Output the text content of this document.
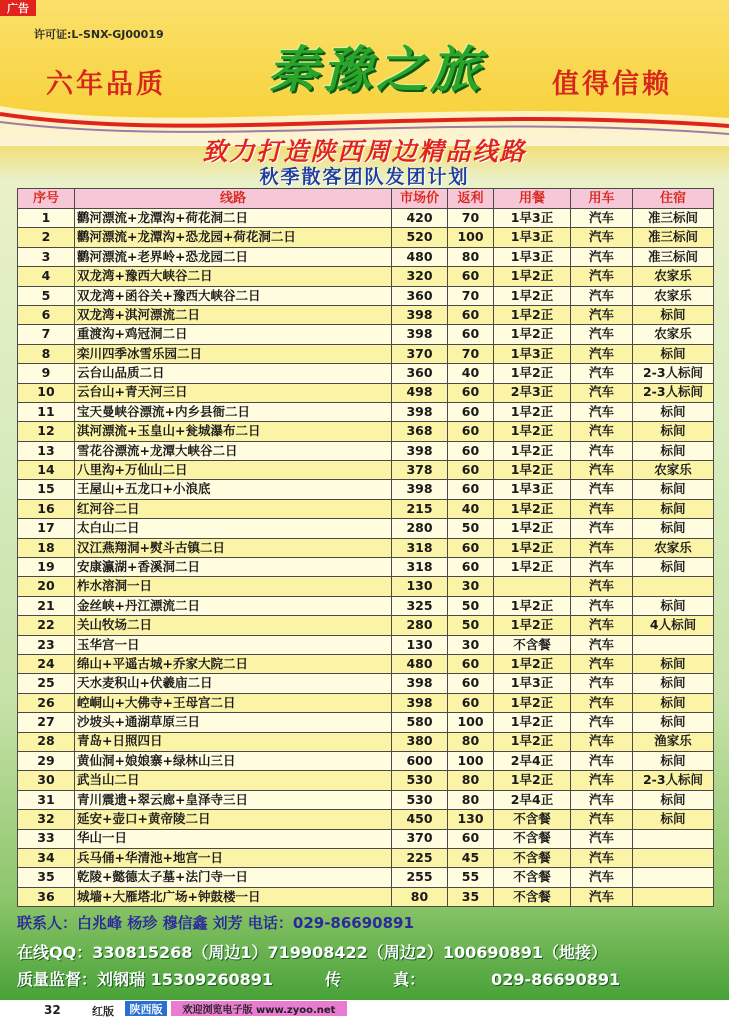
广告
许可证:L-SNX-GJ00019
六年品质	秦豫之旅	值得信赖
致力打造陕西周边精品线路
秋季散客团队发团计划
序号	线路	市场价	返利	用餐	用车	住宿
1	鹳河漂流+龙潭沟+荷花洞二日	420	70	1早3正	汽车	准三标间
2	鹳河漂流+龙潭沟+恐龙园+荷花洞二日	520	100	1早3正	汽车	准三标间
3	鹳河漂流+老界岭+恐龙园二日	480	80	1早3正	汽车	准三标间
4	双龙湾+豫西大峡谷二日	320	60	1早2正	汽车	农家乐
5	双龙湾+函谷关+豫西大峡谷二日	360	70	1早2正	汽车	农家乐
6	双龙湾+淇河漂流二日	398	60	1早2正	汽车	标间
7	重渡沟+鸡冠洞二日	398	60	1早2正	汽车	农家乐
8	栾川四季冰雪乐园二日	370	70	1早3正	汽车	标间
9	云台山品质二日	360	40	1早2正	汽车	2-3人标间
10	云台山+青天河三日	498	60	2早3正	汽车	2-3人标间
11	宝天曼峡谷漂流+内乡县衙二日	398	60	1早2正	汽车	标间
12	淇河漂流+玉皇山+瓮城瀑布二日	368	60	1早2正	汽车	标间
13	雪花谷漂流+龙潭大峡谷二日	398	60	1早2正	汽车	标间
14	八里沟+万仙山二日	378	60	1早2正	汽车	农家乐
15	王屋山+五龙口+小浪底	398	60	1早3正	汽车	标间
16	红河谷二日	215	40	1早2正	汽车	标间
17	太白山二日	280	50	1早2正	汽车	标间
18	汉江燕翔洞+熨斗古镇二日	318	60	1早2正	汽车	农家乐
19	安康瀛湖+香溪洞二日	318	60	1早2正	汽车	标间
20	柞水溶洞一日	130	30		汽车	
21	金丝峡+丹江漂流二日	325	50	1早2正	汽车	标间
22	关山牧场二日	280	50	1早2正	汽车	4人标间
23	玉华宫一日	130	30	不含餐	汽车	
24	绵山+平遥古城+乔家大院二日	480	60	1早2正	汽车	标间
25	天水麦积山+伏羲庙二日	398	60	1早3正	汽车	标间
26	崆峒山+大佛寺+王母宫二日	398	60	1早2正	汽车	标间
27	沙坡头+通湖草原三日	580	100	1早2正	汽车	标间
28	青岛+日照四日	380	80	1早2正	汽车	渔家乐
29	黄仙洞+娘娘寨+绿林山三日	600	100	2早4正	汽车	标间
30	武当山二日	530	80	1早2正	汽车	2-3人标间
31	青川震遗+翠云廊+皇泽寺三日	530	80	2早4正	汽车	标间
32	延安+壶口+黄帝陵二日	450	130	不含餐	汽车	标间
33	华山一日	370	60	不含餐	汽车	
34	兵马俑+华清池+地宫一日	225	45	不含餐	汽车	
35	乾陵+懿德太子墓+法门寺一日	255	55	不含餐	汽车	
36	城墙+大雁塔北广场+钟鼓楼一日	80	35	不含餐	汽车	
联系人：白兆峰 杨珍 穆信鑫 刘芳 电话：029-86690891
在线QQ：330815268（周边1）719908422（周边2）100690891（地接）
质量监督：刘钢瑞 15309260891	传	真：	029-86690891
32	红版	陕西版	欢迎浏览电子版 www.zyoo.net
